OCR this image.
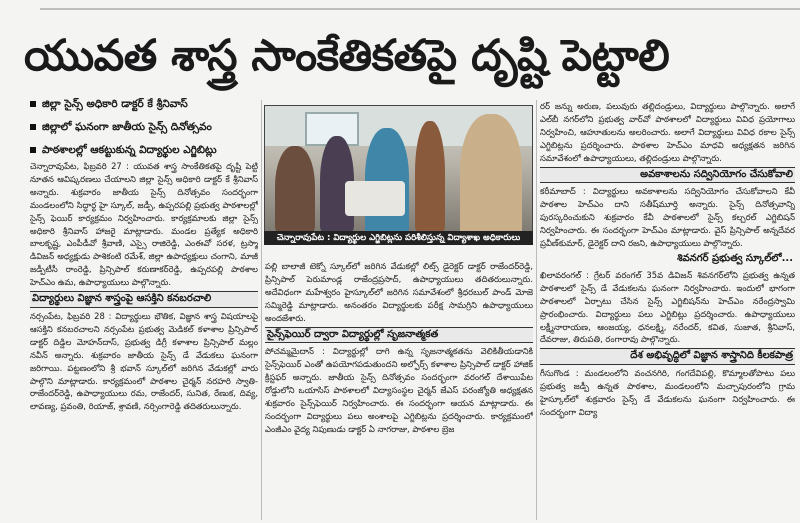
యువత శాస్త్ర సాంకేతికతపై దృష్టి పెట్టాలి
జిల్లా సైన్స్ అధికారి డాక్టర్ కే శ్రీనివాస్
జిల్లాలో ఘనంగా జాతీయ సైన్స్ దినోత్సవం
పాఠశాలల్లో ఆకట్టుకున్న విద్యార్థుల ఎగ్జిబిట్లు

చెన్నారావుపేట, ఫిబ్రవరి 27 : యువత శాస్త్ర సాంకేతికతపై దృష్టి పెట్టి నూతన ఆవిష్కరణలు చేయాలని జిల్లా సైన్స్ అధికారి డాక్టర్ కే శ్రీనివాస్ అన్నారు. శుక్రవారం జాతీయ సైన్స్ దినోత్సవం సందర్భంగా మండలంలోని సిద్ధార్థ హై స్కూల్, జడ్పీ, ఉప్పరపల్లి ప్రభుత్వ పాఠశాలల్లో సైన్స్ ఫెయిర్ కార్యక్రమం నిర్వహించారు. కార్యక్రమాలకు జిల్లా సైన్స్ అధికారి శ్రీనివాస్ హాజరై మాట్లాడారు. మండల ప్రత్యేక అధికారి బాలకృష్ణ, ఎంపీడీవో శ్రీవాణి, ఎస్సై రాజిరెడ్డి, ఎంఈవో సరళ, ట్రస్మా డివిజన్ అధ్యక్షుడు పాశికంటి రమేశ్, జిల్లా ఉపాధ్యక్షులు చంగాని, మాజీ జడ్పీటీసీ రాంరెడ్డి, ప్రిన్సిపాల్ కరుణాకర్‌రెడ్డి, ఉప్పరపల్లి పాఠశాల హెచ్ఎం ఉమ, ఉపాధ్యాయులు పాల్గొన్నారు.

విద్యార్థులు విజ్ఞాన శాస్త్రంపై ఆసక్తిని కనబరచాలి

నర్సంపేట, ఫిబ్రవరి 28 : విద్యార్థులు భౌతిక, విజ్ఞాన శాస్త్ర విషయాలపై ఆసక్తిని కనబరచాలని నర్సంపేట ప్రభుత్వ మెడికల్ కళాశాల ప్రిన్సిపాల్ డాక్టర్ దిడ్డిల మోహన్‌దాస్, ప్రభుత్వ డిగ్రీ కళాశాల ప్రిన్సిపాల్ మల్లం నవీన్ అన్నారు. శుక్రవారం జాతీయ సైన్స్ డే వేడుకలు ఘనంగా జరిగాయి. పట్టణంలోని శ్రీ భవాన్ స్కూల్‌లో జరిగిన వేడుకల్లో వారు పాల్గొని మాట్లాడారు. కార్యక్రమంలో పాఠశాల చైర్మన్ నరహరి స్వాతి-రాజేందర్‌రెడ్డి, ఉపాధ్యాయులు రమ, రాజేందర్, సునిత, రేణుక, దివ్య, లావణ్య, ప్రవంతి, రియాజ్, శ్రావణి, నర్సింగారెడ్డి తదితరులున్నారు.

చెన్నారావుపేట : విద్యార్థుల ఎగ్జిబిట్లను పరిశీలిస్తున్న విద్యాశాఖ అధికారులు

పల్లి బాలాజీ టెక్నో స్కూల్‌లో జరిగిన వేడుకల్లో లిట్స్ డైరెక్టర్ డాక్టర్ రాజేందర్‌రెడ్డి, ప్రిన్సిపాల్ పెరుమాండ్ల రాజేంద్రప్రసాద్, ఉపాధ్యాయులు తదితరులున్నారు. అదేవిధంగా మహేశ్వరం హైస్కూల్‌లో జరిగిన సమావేశంలో శ్రీధరబుల్‌ పాండ్ మోజె సమ్మిరెడ్డి మాట్లాడారు. అనంతరం విద్యార్థులకు పరీక్ష సామగ్రిని ఉపాధ్యాయులు అందజేశారు.

సైన్స్‌ఫెయిర్ ద్వారా విద్యార్థుల్లో సృజనాత్మకత

పోచమ్మమైదాన్ : విద్యార్థుల్లో దాగి ఉన్న సృజనాత్మకతను వెలికితీయడానికి సైన్స్‌ఫెయిర్ ఎంతో ఉపయోగపడుతుందని అల్ఫోర్స్ కళాశాల ప్రిన్సిపాల్ డాక్టర్ హాజిక్ క్రిస్టఫర్ అన్నారు. జాతీయ సైన్స్ దినోత్సవం సందర్భంగా వరంగల్ దేశాయిపేట రోడ్డులోని ఒయాసిస్ పాఠశాలలో విద్యాసంస్థల చైర్మన్ జేఎస్ పరంజ్యోతి అధ్యక్షతన శుక్రవారం సైన్స్‌ఫెయిర్ నిర్వహించారు. ఈ సందర్భంగా ఆయన మాట్లాడారు. ఈ సందర్భంగా విద్యార్థులు పలు అంశాలపై ఎగ్జిబిట్లను ప్రదర్శించారు. కార్యక్రమంలో ఎంజీఎం వైద్య నిపుణుడు డాక్టర్ ఏ నాగరాజు, పాఠశాల బ్రెజ

రర్ జన్ను అరుణ, పలువురు తల్లిదండ్రులు, విద్యార్థులు పాల్గొన్నారు. అలాగే ఎల్‌బీ నగర్‌లోని ప్రభుత్వ వార్‌వో పాఠశాలలో విద్యార్థులు వివిధ ప్రయోగాలు నిర్వహించి, ఆహూతులను అలరించారు. అలాగే విద్యార్థులు వివిధ రకాల సైన్స్ ఎగ్జిబిట్లను ప్రదర్శించారు. పాఠశాల హెచ్ఎం మాధవి అధ్యక్షతన జరిగిన సమావేశంలో ఉపాధ్యాయులు, తల్లిదండ్రులు పాల్గొన్నారు.

అవకాశాలను సద్వినియోగం చేసుకోవాలి

కరీమాబాద్ : విద్యార్థులు అవకాశాలను సద్వినియోగం చేసుకోవాలని కేవీ పాఠశాల హెచ్ఎం దాని సతీష్‌మూర్తి అన్నారు. సైన్స్ దినోత్సవాన్ని పురస్కరించుకుని శుక్రవారం కేవీ పాఠశాలలో సైన్స్ కల్చరల్ ఎగ్జిబిషన్ నిర్వహించారు. ఈ సందర్భంగా హెచ్ఎం మాట్లాడారు. వైస్ ప్రిన్సిపాల్ అన్నదేవర ప్రవీణ్‌కుమార్, డైరెక్టర్ దాని రజని, ఉపాధ్యాయులు పాల్గొన్నారు.

శివనగర్ ప్రభుత్వ స్కూల్‌లో...

ఖిలావరంగల్ : గ్రేటర్ వరంగల్ 35వ డివిజన్ శివనగర్‌లోని ప్రభుత్వ ఉన్నత పాఠశాలలో సైన్స్ డే వేడుకలను ఘనంగా నిర్వహించారు. ఇందులో భాగంగా పాఠశాలలో ఏర్పాటు చేసిన సైన్స్ ఎగ్జిబిషన్‌ను హెచ్ఎం నరేంద్రస్వామి ప్రారంభించారు. విద్యార్థులు పలు ఎగ్జిబిట్లు ప్రదర్శించారు. ఉపాధ్యాయులు లక్ష్మీనారాయణ, ఆంజయ్య, ధనలక్ష్మి, నరేందర్, కవిత, సుజాత, శ్రీనివాస్, దేవరాజు, తిరుపతి, రంగారావు పాల్గొన్నారు.

దేశ అభివృద్ధిలో విజ్ఞాన శాస్త్రానిది కీలకపాత్ర

గీసుగొండ : మండలంలోని వంచనగిరి, గంగదేవిపల్లి, కొమ్మాలతోపాటు పలు ప్రభుత్వ జడ్పీ ఉన్నత పాఠశాల, మండలంలోని మచ్చాపురంలోని గ్రామ హైస్కూల్‌లో శుక్రవారం సైన్స్ డే వేడుకలను ఘనంగా నిర్వహించారు. ఈ సందర్భంగా విద్యా
